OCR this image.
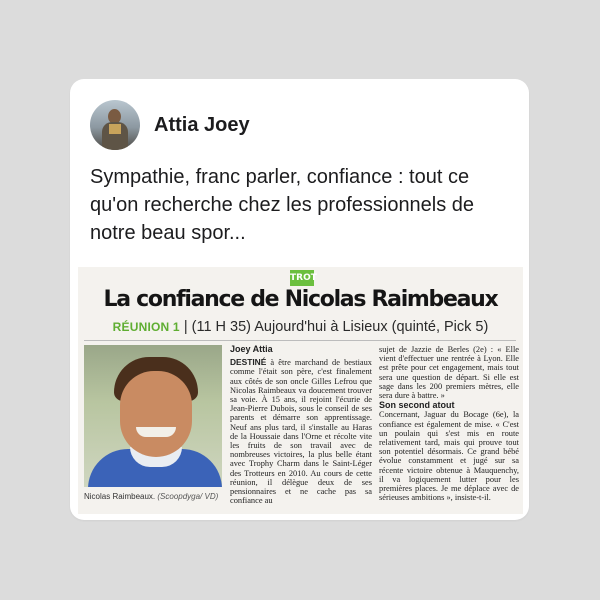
Attia Joey
Sympathie, franc parler, confiance : tout ce qu'on recherche chez les professionnels de notre beau spor...
TROT
La confiance de Nicolas Raimbeaux
RÉUNION 1 | (11 H 35) Aujourd'hui à Lisieux (quinté, Pick 5)
Nicolas Raimbeaux. (Scoopdyga/ VD)

Joey Attia

DESTINÉ à être marchand de bestiaux comme l'était son père, c'est finalement aux côtés de son oncle Gilles Lefrou que Nicolas Raimbeaux va doucement trouver sa voie. À 15 ans, il rejoint l'écurie de Jean-Pierre Dubois, sous le conseil de ses parents et démarre son apprentissage. Neuf ans plus tard, il s'installe au Haras de la Houssaie dans l'Orne et récolte vite les fruits de son travail avec de nombreuses victoires, la plus belle étant avec Trophy Charm dans le Saint-Léger des Trotteurs en 2010. Au cours de cette réunion, il délègue deux de ses pensionnaires et ne cache pas sa confiance au

sujet de Jazzie de Berles (2e) : « Elle vient d'effectuer une rentrée à Lyon. Elle est prête pour cet engagement, mais tout sera une question de départ. Si elle est sage dans les 200 premiers mètres, elle sera dure à battre. »

Son second atout

Concernant, Jaguar du Bocage (6e), la confiance est également de mise. « C'est un poulain qui s'est mis en route relativement tard, mais qui prouve tout son potentiel désormais. Ce grand bébé évolue constamment et jugé sur sa récente victoire obtenue à Mauquenchy, il va logiquement lutter pour les premières places. Je me déplace avec de sérieuses ambitions », insiste-t-il.
